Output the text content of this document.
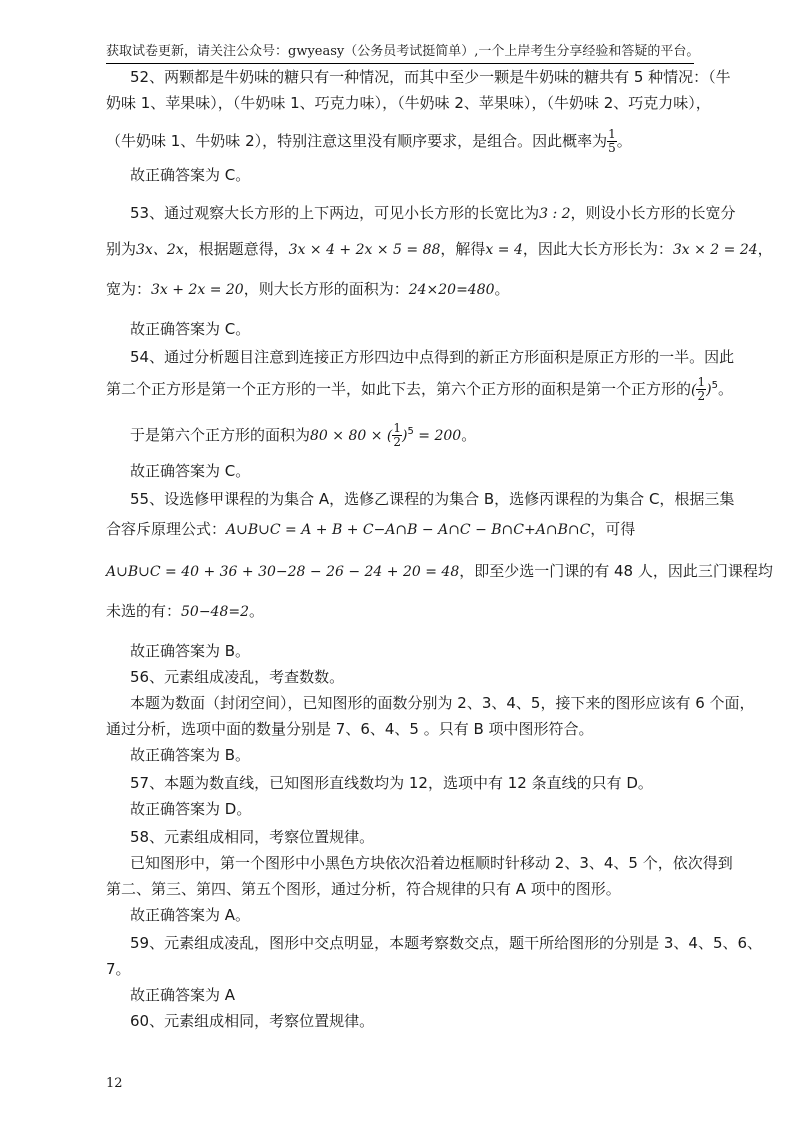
获取试卷更新，请关注公众号：gwyeasy（公务员考试挺简单）,一个上岸考生分享经验和答疑的平台。
52、两颗都是牛奶味的糖只有一种情况，而其中至少一颗是牛奶味的糖共有 5 种情况：（牛
奶味 1、苹果味），（牛奶味 1、巧克力味），（牛奶味 2、苹果味），（牛奶味 2、巧克力味），
（牛奶味 1、牛奶味 2），特别注意这里没有顺序要求，是组合。因此概率为 $\frac{1}{5}$ 。
故正确答案为 C。
53、通过观察大长方形的上下两边，可见小长方形的长宽比为3 : 2，则设小长方形的长宽分
别为3x、2x，根据题意得，3x × 4 + 2x × 5 = 88，解得x = 4，因此大长方形长为：3x × 2 = 24，
宽为：3x + 2x = 20，则大长方形的面积为：24×20=480。
故正确答案为 C。
54、通过分析题目注意到连接正方形四边中点得到的新正方形面积是原正方形的一半。因此
第二个正方形是第一个正方形的一半，如此下去，第六个正方形的面积是第一个正方形的( $\frac{1}{2} )^5$。
于是第六个正方形的面积为80 × 80 × ( $\frac{1}{2} )^5 = 200$。
故正确答案为 C。
55、设选修甲课程的为集合 A，选修乙课程的为集合 B，选修丙课程的为集合 C，根据三集
合容斥原理公式：A∪B∪C = A + B + C−A∩B − A∩C − B∩C+A∩B∩C，可得
A∪B∪C = 40 + 36 + 30−28 − 26 − 24 + 20 = 48，即至少选一门课的有 48 人，因此三门课程均
未选的有：50−48=2。
故正确答案为 B。
56、元素组成凌乱，考查数数。
本题为数面（封闭空间），已知图形的面数分别为 2、3、4、5，接下来的图形应该有 6 个面，
通过分析，选项中面的数量分别是 7、6、4、5 。只有 B 项中图形符合。
故正确答案为 B。
57、本题为数直线，已知图形直线数均为 12，选项中有 12 条直线的只有 D。
故正确答案为 D。
58、元素组成相同，考察位置规律。
已知图形中，第一个图形中小黑色方块依次沿着边框顺时针移动 2、3、4、5 个，依次得到
第二、第三、第四、第五个图形，通过分析，符合规律的只有 A 项中的图形。
故正确答案为 A。
59、元素组成凌乱，图形中交点明显，本题考察数交点，题干所给图形的分别是 3、4、5、6、
7。
故正确答案为 A
60、元素组成相同，考察位置规律。
12
